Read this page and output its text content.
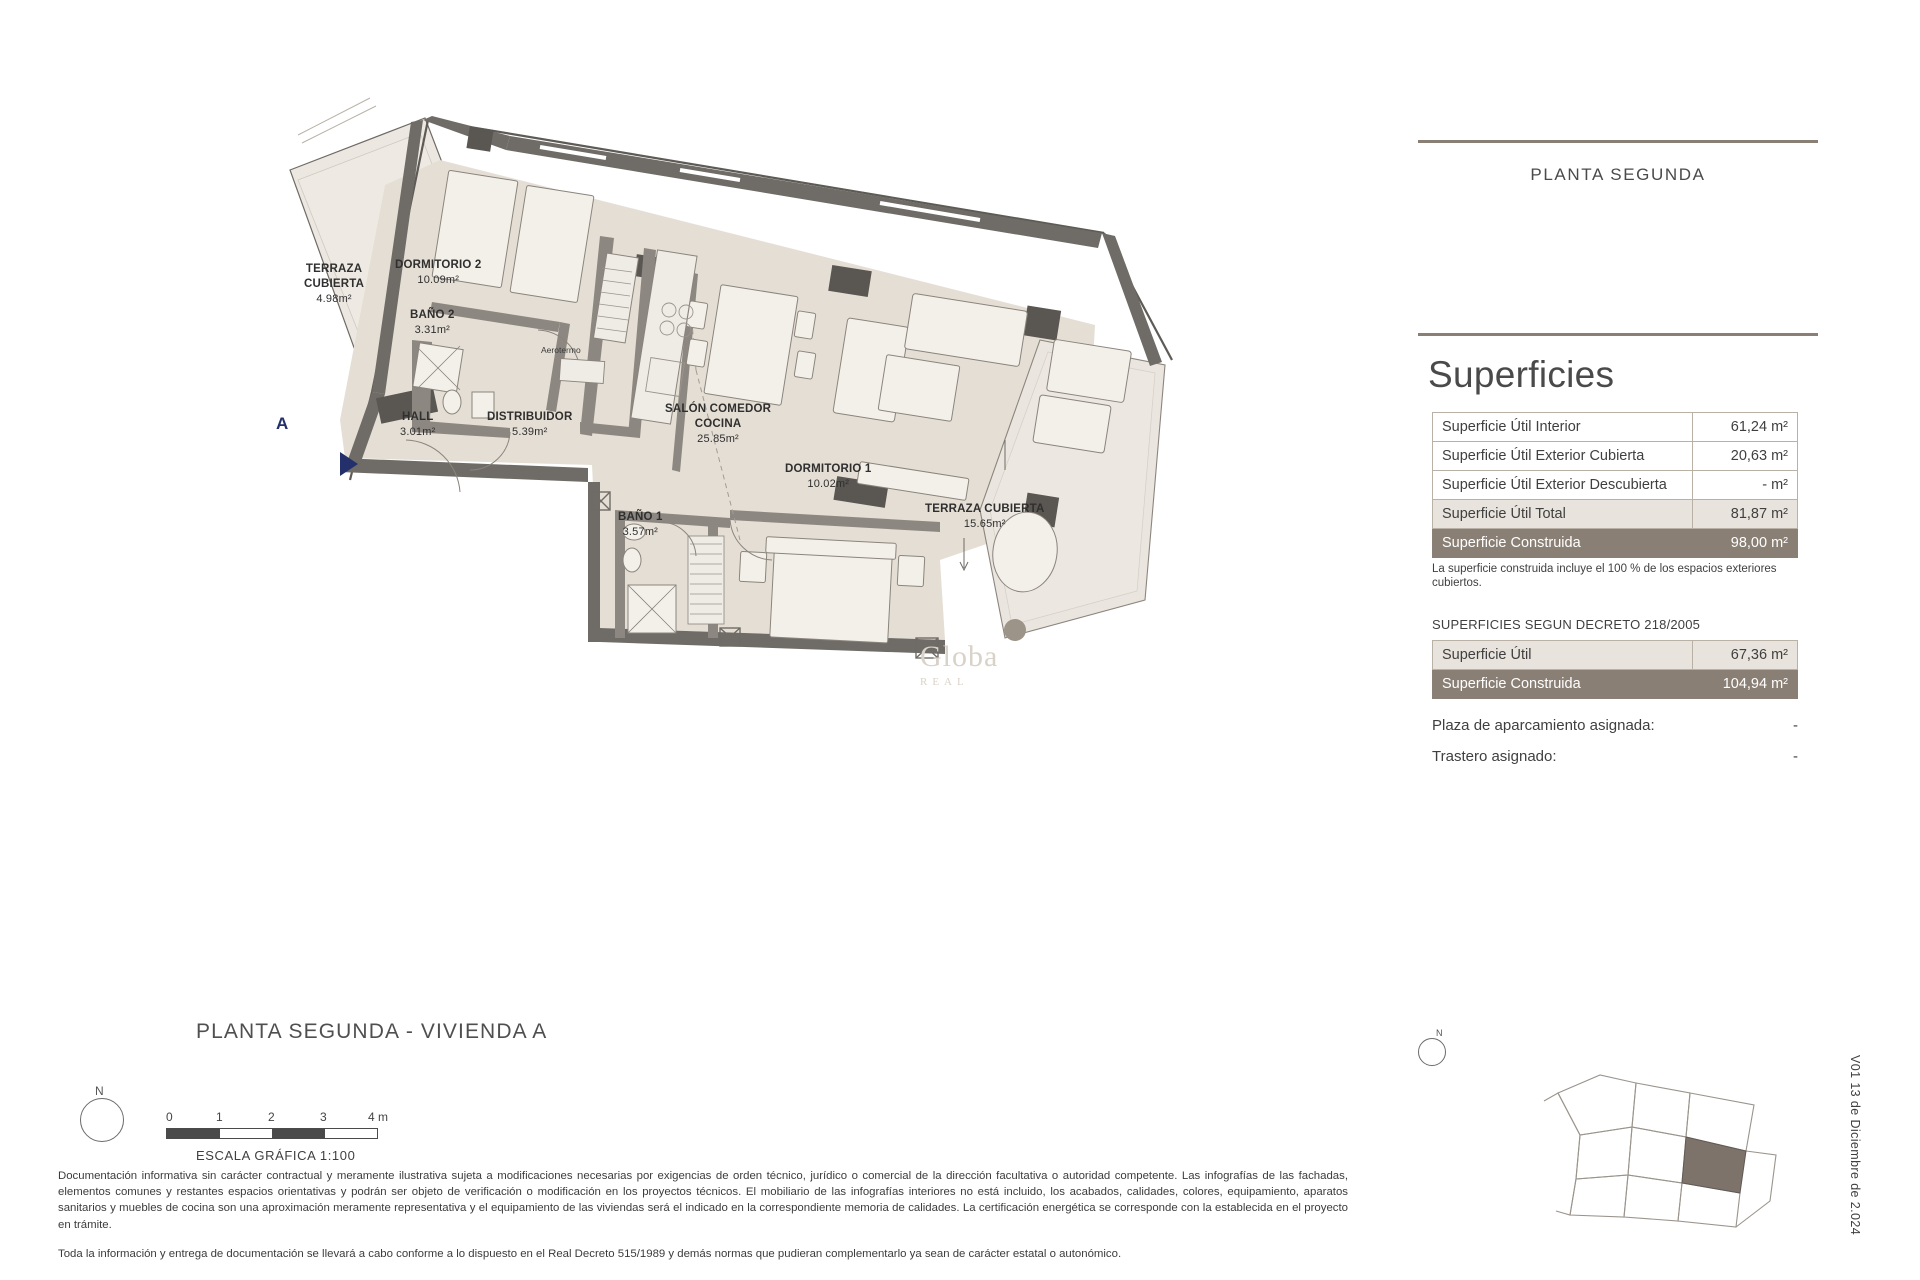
Globa
REAL
TERRAZA
CUBIERTA
4.98m²
DORMITORIO 2
10.09m²
BAÑO 2
3.31m²
HALL
3.01m²
DISTRIBUIDOR
5.39m²
SALÓN COMEDOR
COCINA
25.85m²
DORMITORIO 1
10.02m²
BAÑO 1
3.57m²
TERRAZA CUBIERTA
15.65m²
Aerotermo
A
PLANTA SEGUNDA
Superficies
Superficie Útil Interior	61,24 m²
Superficie Útil Exterior Cubierta	20,63 m²
Superficie Útil Exterior Descubierta	- m²
Superficie Útil Total	81,87 m²
Superficie Construida	98,00 m²
La superficie construida incluye el 100 % de los espacios exteriores cubiertos.
SUPERFICIES SEGUN DECRETO 218/2005
Superficie Útil	67,36 m²
Superficie Construida	104,94 m²
Plaza de aparcamiento asignada:	-
Trastero asignado:	-
PLANTA SEGUNDA - VIVIENDA A
N
0	1	2	3	4 m
ESCALA GRÁFICA 1:100

Documentación informativa sin carácter contractual y meramente ilustrativa sujeta a modificaciones necesarias por exigencias de orden técnico, jurídico o comercial de la dirección facultativa o autoridad competente. Las infografías de las fachadas, elementos comunes y restantes espacios orientativas y podrán ser objeto de verificación o modificación en los proyectos técnicos. El mobiliario de las infografías interiores no está incluido, los acabados, calidades, colores, equipamiento, aparatos sanitarios y muebles de cocina son una aproximación meramente representativa y el equipamiento de las viviendas será el indicado en la correspondiente memoria de calidades. La certificación energética se corresponde con la establecida en el proyecto en trámite.

Toda la información y entrega de documentación se llevará a cabo conforme a lo dispuesto en el Real Decreto 515/1989 y demás normas que pudieran complementarlo ya sean de carácter estatal o autonómico.

N
V01 13 de Diciembre de 2.024
